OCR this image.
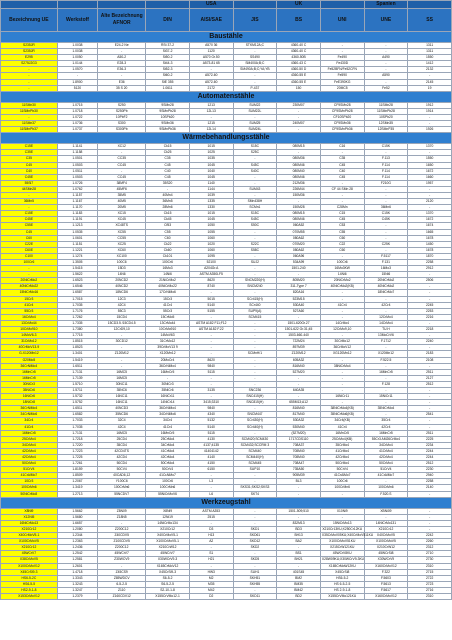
				USA		UK		Spanien	
Bezeichnung UE	Werkstoff	Alte Bezeichnung AFNOR	DIN	AISI/SAE	JIS	BS	UNI	UNE	SS
Baustähle									
S235JR	1.0038	E24-2 Ne	RSt 37-2	A570 36	STKM12A;C	4360-40 C	-	-	1311
S235JR	1.0038	-	St37-2	1120	-	4360-40 C	-	-	1311
E295	1.0050	A50-2	St50-2	A570 Gr.50	SS490	4360-50B	Fe490	A490	1550
S275J2G3	1.0144	E28-3	St44-3	A573-81 65	SM400A;B;C	4360-43 C	Fe430D	-	1412
-	1.0570	E36-3	St52-3	-	SM490A;B;C;YA;YB	4360-50 D	Fe52BFN/Fe52CFN	-	2132
-	-	-	St60-2	A572-60	-	4360-55 E	Fe590	A590	-
-	1.8900	E36	StE 355	A572-60	-	4360-55 E	FeE390KG	-	2145
-	5120	35 S 20	1.0611	2172	P-437	150	20MC5	Fe52	19
Automatenstähle									
11SMn30	1.0715	S250	9SMn28	1213	SUM22	230M07	CF9SMn28	11SMn28	1912
11SMnPb30	1.0718	S250Pb	9SMnPb28	12L13	SUM22L	-	CF9SMnPb28	11SMnPb28	1914
-	1.0722	10PbF2	10SPb20	-	-	-	CF10SPb20	10SPb20	-
11SMn37	1.0736	S300	9SMn36	1215	SUM25	240M07	CF9SMn36	12SMn35	-
11SMnPb37	1.0737	S300Pb	9SMnPb36	12L14	SUM24L	-	CF9SMnPb36	12SMnP35	1926
Wärmebehandlungsstähle									
C15E	1.1141	XC12	Ck15	1015	S15C	080M15	C16	C15K	1370
C35E	1.1158	-	Ck25	1025	S25C	-	-	-	-
C35	1.0501	CC35	C35	1035	-	080M36	C35	F.113	1550
C45	1.0503	CC45	C45	1045	S45C	080M46	C45	F.114	1650
C40	1.0511	-	C40	1040	S40C	080M40	C40	F.114	1672
C45E	1.0503	CC45	C45	1045	-	080M46	C45	F.114	1660
55Si7	1.0726	38MF4	35S20	1140	-	212M36	-	F210G	1957
44SMn28	1.0762	45MF6	-	1144	SUM43	226M44	CF 44 SMn 28	-	-
-	1.1157	35M5	40Mn4	1039	-	150M36	-	-	-
36Mn5	1.1167	40M5	36Mn5	1335	SMn438H	-	-	-	2120
-	1.1170	20M5	28Mn6	1330	SCMn1	150M28	C28Mn	36Mn6	-
C15E	1.1183	XC15	Ck15	1015	S15C	080M15	C15	C15K	1370
C45E	1.1191	XC45	Ck45	1045	S45C	080M46	C45	C45K	1672
C55E	1.1213	XC48TS	Cf53	1050	S50C	060A52	C53	-	1674
C45	1.0535	XC55	C55	1055	-	070M55	C55	-	1665
C60	1.0601	CC55	C60	1060	-	080A62	C60	-	1678
C22E	1.1151	XC25	Ck22	1020	S22C	070M20	C22	C25K	1450
C60E	1.1221	XC60	Ck60	1060	S58C	080A62	C60	-	1678
C100	1.1274	XC100	Ck101	1095	-	060A96	-	F.5117	1870
100Cr6	1.3505	100C6	100Cr6	52100	SUJ2	534A99	100Cr6	F.131	2258
-	1.5415	15D3	16Mo3	A204Gr.A	-	1501-240	16Mo3KW	16Mo3	2912
-	1.5622	14N6	14Ni6	ASTM A350LF5	-	-	14Ni6	15Ni6	-
20NiCrMo2	1.6523	20NCD2	21NiCrMo2	8620	SNCM220(H)	805M20	20NiCrMo2	20NiCrMo2	2506
40NiCrMo22	1.6546	40NCD2	40NiCrMo22	8740	SNCM240	311-Type 7	40NiCrMo2(KB)	40NiCrMo2	-
15NiCrMo16	1.6587	18NCD6	17CrNiMo6	-	-	820A16	-	18NiCrMo7	-
15Cr3	1.7015	12C3	15Cr3	5015	SCr415(H)	523M15	-	-	-
41Cr4	1.7035	42C4	41Cr4	5140	SCr440	530A40	41Cr4	42Cr4	2245
55Cr3	1.7176	55C3	55Cr3	5155	SUP9(A)	527A60	-	-	2253
16CrMo4	1.7262	15CD4	15CrMo5	-	SCM415	-	-	12CrMo4	2216
13CrMo44	1.7335	15CD3.5 /15CD4.5	13CrMo44	ASTM A182 F11;F12	-	1501-620Gr.27	14CrMo4	14CrMo4	-
10CrMo910	1.7380	12CrD9,10	10CrMo910	ASTM A182 F.22	-	1501-622 Gr.31;45	12CrMo9,10	TU.H	2218
14MoV6-3	1.7715	-	14MoV63	-	-	1503-660-440	-	13MoCrV6	-
31CrMo12	1.8515	30CD12	31CrMo12	-	-	722M24	30CrMo12	F.1712	2240
40CrMoV13-9	1.8523	-	39CrMoV13 9	-	-	897M39	36CrMoV12	-	-
G-X120Mn12	1.3401	Z120M12	X120Mn12	-	SCMnH/1	Z120M12	XG120Mn12	X120Mn12	2183
G20Mo5	1.5419	-	20MoCr4	8620	-	605A32	-	F.522.5	2108
36CrNiMo4	1.6511	-	36CrNiMo4	9840	-	816M40	38NiCrMo4	-	-
16MnCr5	1.7131	16MC5	16MnCr5	5115	-	527M20	-	16MnCr5	2511
16MnCr5	1.7139	16MC5	-	-	-	-	-	-	2127
30NiCr3	1.5710	30NC11	30NiCr3	-	-	-	-	F.128	2512
35NiCr6	1.5711	35NC6	35NiCr6	3135	SNC236	640A35	-	-	-
16NiCr6	1.5732	16NC11	16NiCr11	-	SNC415(H)	-	16NiCr11	15NiCr11	-
18NiCr8	1.5752	16NC11	14NiCr14	3415;3310	SNC815(H)	655M13;A12	-	-	-
36CrNiMo4	1.6511	40NCD3	36CrNiMo4	9840	-	816M40	38NiCrMo4(KB)	35NiCrMo4	-
34CrNiMo6	1.6582	35NCD6	34CrNiMo6	4340	SNCM447	817M40	35NiCrMo6(KB)	-	2541
34Cr4	1.7033	32C4	34Cr4	5132	SCr430(H)	530A32	34Cr4(KB)	35Cr4	-
41Cr4	1.7035	42C4	41Cr4	5140	SCr440(H)	530M40	41Cr4	42Cr4	-
16MnCr5	1.7131	16MC5	16MnCr5	5115	-	(527M20)	16MnCr5	16MnCr5	2511
25CrMo4	1.7218	25CD4	25CrMo4	4130	SCM420;SCM430	1717CDS110	25CrMo4(KB)	55Cr3 AM26CrMo4	2225
34CrMo4	1.7220	35CD4	34CrMo4	4137;4135	SCM432;SCCRM 3	708A37	35CrMo4	34CrMo4	2234
42CrMo4	1.7223	42CD4TS	41CrMo4	41404142	SCM440	708M40	41CrMo4	41CrMo4	2244
42CrMo4	1.7225	42CD4	42CrMo4	4140	SCM440(H)	708M40	42CrMo4	42CrMo4	2244
50CrMo4	1.7261	50CD4	50CrMo4	4150	SCM445	708A47	50CrMo4	50CrMo4	2512
51CrV4	1.8159	50CV4	50CrV4	6150	SUP10	735A50	50CrV4	51CrV4	2230
41CrAlMo7	1.8509	40CAD6,12	41CrAlMo7	-	-	905M39	41CrAlMo7	41CrAlMo7	2940
10Cr3	1.2067	Y100C6	100Cr6	L3	-	BL3	100Cr6	-	2258
100CrMn6	1.3419	100CrMn6	100CrMn6	-	SKS31;SKS2;SKS3	-	100CrMn6	100CrMn6	2140
50NiCrMo8	1.2713	55NCDV7	55NiCrMoV6	L6	SKT4	-	-	F.520.S	-
Werkzeugstahl									
X8Ni9	1.5662	Z8N09	X8Ni9	ASTM A353	-	1501-509;510	X10Ni9	XBNi09	-
X12Ni5	1.5680	Z18N5	12Ni19	2515	-	-	-	-	-
16NiCrMo13	1.6657	-	14NiCrMo134	-	-	832M13	15NiCrMo13	14NiCrMo131	-
X210Cr12	1.2080	Z200C12	X210Cr12	D3	SKD1	BD3	X210Cr13KU;X250Cr12KU	X210Cr12	-
X40CrMoV5-1	1.2344	Z40CDV5	X40CrMoV5-1	H13	SKD61	BH13	X35CrMoV05KU;X40CrMoV511KU	X40CrMoV5	2242
X100CrMoV5	1.2363	Z100CDV5	X100CrMoV5-1	A2	SKD12	BA2	X100CrMoV51KU	X100CrMoV5	2260
X210Cr12	1.2436	Z200C12	X210CrW12	-	SKD2	-	X215CrW121KU	X210CrW12	2312
45WCrV7	1.2542	45WCrV7	45WCrV7	S1	-	BS1	45WCrV8KU	45WCrSi8	2710
X38CrMoV5	1.2581	Z30WCV9	X30WCrV9-3	H21	SKD5	BH21	X28W09KU;X30WCrV9-3KU	X30WCrV9	2730
X100CrMoV12	1.2601	-	X165CrMoV12	-	-	-	X165CrMoW12KU	X160CrMoV12	2310
X45CrSi9-3	1.4718	Z45CS9	X45CrSi9-3	HW3	SUH1	401S45	X45CrSi8	F.322	2715
HS6-5-2C	1.3343	Z85WDCV	S6-5-2	M2	SKH51	BM2	HS6-5-2	F.5603	2722
HS6-5-5	1.3243	6-5-2-5	S6-5-2-5	M35	SKH55	BM35	HS 6-5-2-5	F.5613	2723
HS2-9-1-8	1.3247	Z110	S2-10-1-8	M42	-	BM42	HS 2-9-1-8	F.5617	2716
X153CrMoV12	1.2379	Z160CDV12	X155CrVMo12-1	D2	SKD11	BD2	X155CrVMo121KU	X160CrMoV12	2310
